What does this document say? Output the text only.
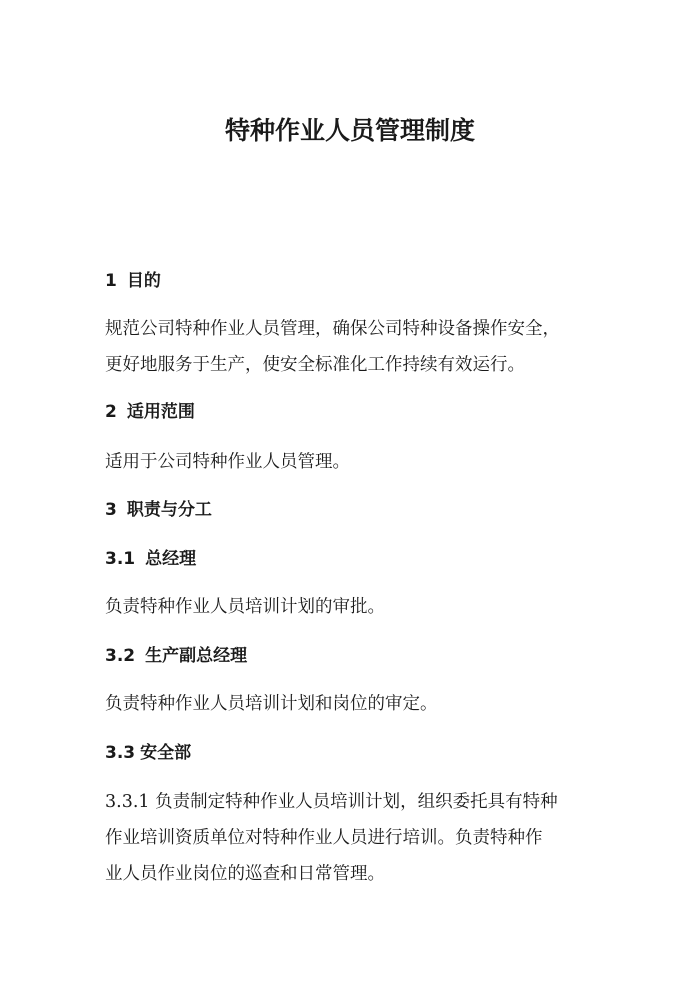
特种作业人员管理制度
1 目的

规范公司特种作业人员管理，确保公司特种设备操作安全，
更好地服务于生产，使安全标准化工作持续有效运行。

2 适用范围

适用于公司特种作业人员管理。

3 职责与分工
3.1 总经理

负责特种作业人员培训计划的审批。

3.2 生产副总经理

负责特种作业人员培训计划和岗位的审定。

3.3 安全部

3.3.1 负责制定特种作业人员培训计划，组织委托具有特种
作业培训资质单位对特种作业人员进行培训。负责特种作
业人员作业岗位的巡查和日常管理。
